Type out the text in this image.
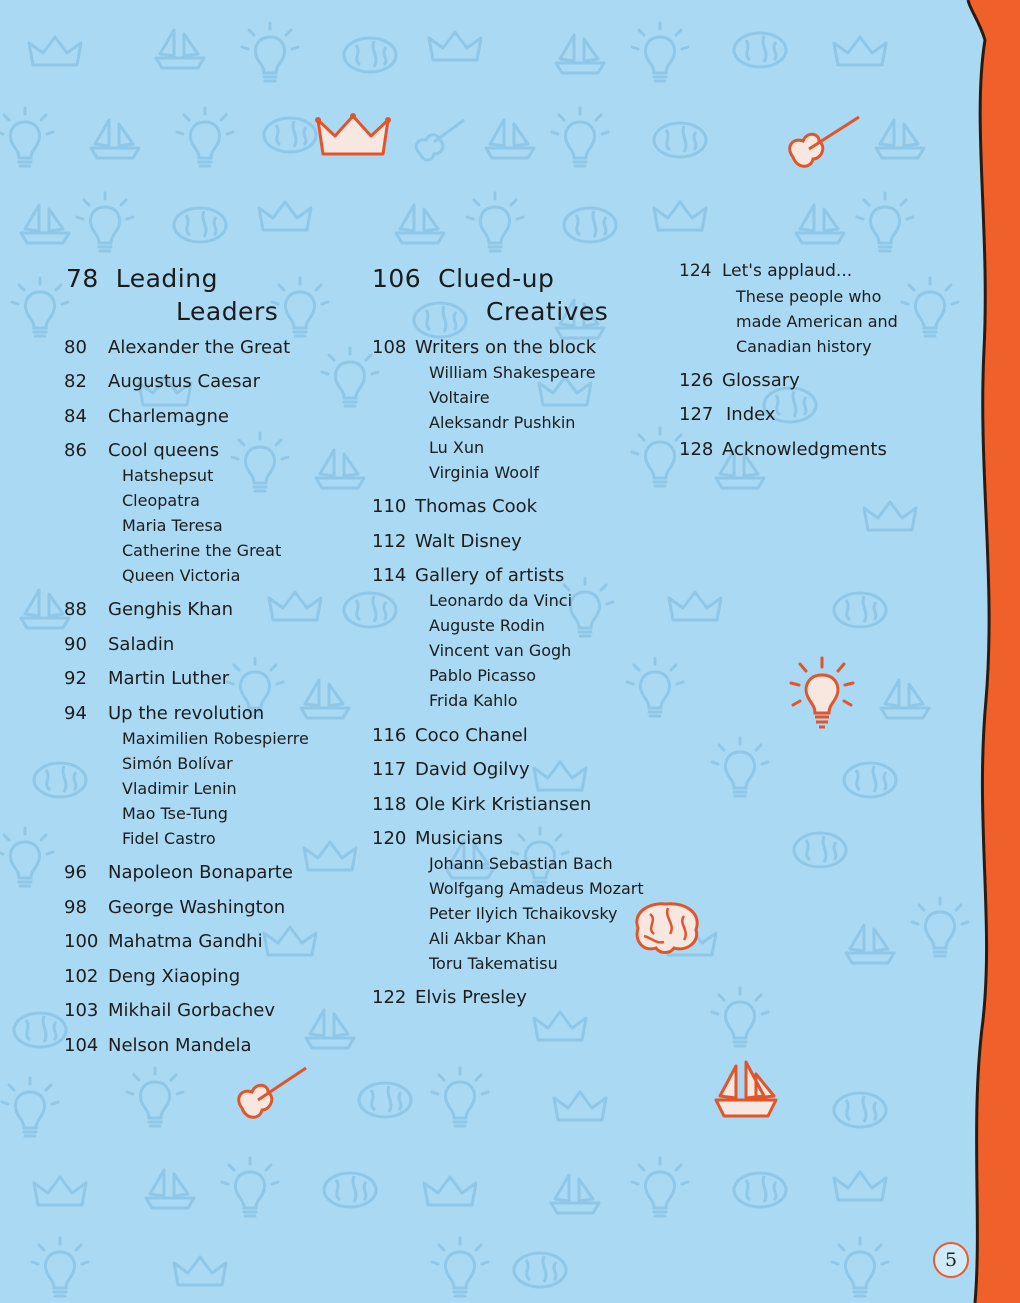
78 Leading
Leaders
80 Alexander the Great
82 Augustus Caesar
84 Charlemagne
86 Cool queens
Hatshepsut
Cleopatra
Maria Teresa
Catherine the Great
Queen Victoria
88 Genghis Khan
90 Saladin
92 Martin Luther
94 Up the revolution
Maximilien Robespierre
Simón Bolívar
Vladimir Lenin
Mao Tse-Tung
Fidel Castro
96 Napoleon Bonaparte
98 George Washington
100 Mahatma Gandhi
102 Deng Xiaoping
103 Mikhail Gorbachev
104 Nelson Mandela
106 Clued-up
Creatives
108 Writers on the block
William Shakespeare
Voltaire
Aleksandr Pushkin
Lu Xun
Virginia Woolf
110 Thomas Cook
112 Walt Disney
114 Gallery of artists
Leonardo da Vinci
Auguste Rodin
Vincent van Gogh
Pablo Picasso
Frida Kahlo
116 Coco Chanel
117 David Ogilvy
118 Ole Kirk Kristiansen
120 Musicians
Johann Sebastian Bach
Wolfgang Amadeus Mozart
Peter Ilyich Tchaikovsky
Ali Akbar Khan
Toru Takematisu
122 Elvis Presley
124 Let's applaud...
These people who
made American and
Canadian history
126 Glossary
127 Index
128 Acknowledgments
5
